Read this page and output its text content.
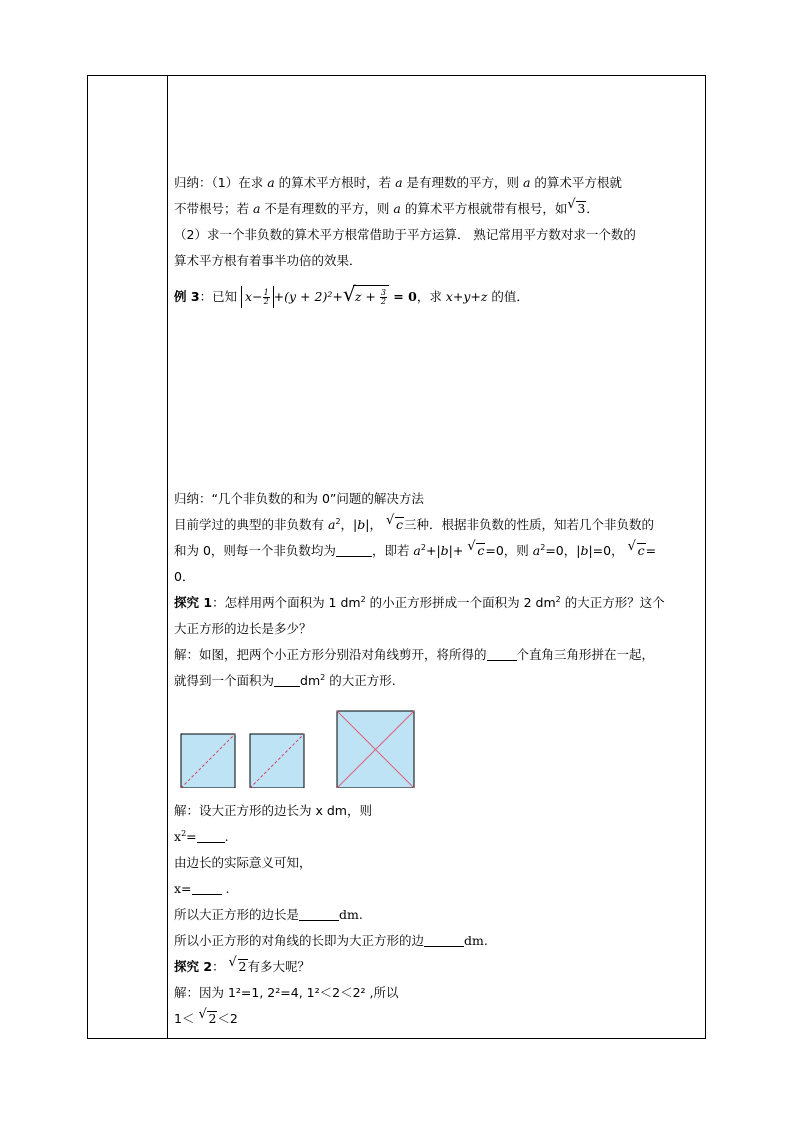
归纳：（1）在求 a 的算术平方根时，若 a 是有理数的平方，则 a 的算术平方根就
不带根号；若 a 不是有理数的平方，则 a 的算术平方根就带有根号，如 √ 3．
（2）求一个非负数的算术平方根常借助于平方运算． 熟记常用平方数对求一个数的
算术平方根有着事半功倍的效果．
例 3：已知 $x- \frac{1}{2} +(y + 2)^2+$ √ $z + \frac{3}{2} = 0$，求 x+y+z 的值．
归纳：“几个非负数的和为 0”问题的解决方法
目前学过的典型的非负数有 $a^2$，|b|， √ c三种．根据非负数的性质，知若几个非负数的
和为 0，则每一个非负数均为	，即若 $a^2+|b|+$ √ c=0，则 $a^2=0$，|b|=0， √ c=
0．
探究 1：怎样用两个面积为 1 $dm^2$ 的小正方形拼成一个面积为 2 $dm^2$ 的大正方形？这个
大正方形的边长是多少？
解：如图，把两个小正方形分别沿对角线剪开，将所得的 个直角三角形拼在一起，
就得到一个面积为 $dm^2$ 的大正方形.
解：设大正方形的边长为 x dm，则
$x^2=$ .
由边长的实际意义可知，
x= .
所以大正方形的边长是	dm.
所以小正方形的对角线的长即为大正方形的边	dm.
探究 2： √ 2有多大呢？
解：因为 1²=1, 2²=4, 1²＜2＜2² ,所以
1＜ √ 2＜2
